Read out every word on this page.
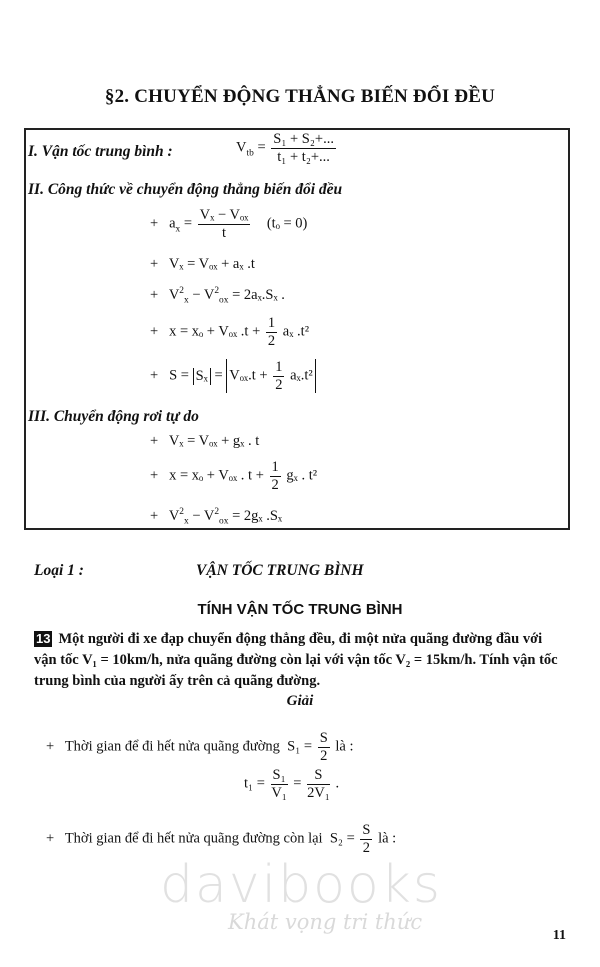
§2. CHUYỂN ĐỘNG THẲNG BIẾN ĐỔI ĐỀU
I. Vận tốc trung bình :	$V_{tb} = \frac{\text{S₁ + S₂+...}}{\text{t₁ + t₂+...}}$
II. Công thức về chuyển động thẳng biến đổi đều
+ $a_x = \frac{\text{Vₓ − Vₒₓ}}{t} (t_o = 0)$
+ Vₓ = Vₒₓ + aₓ .t
+ $V^2_x - V^2_{ox} = 2a_x.S_x$ .
+ x = xₒ + Vₒₓ $.t + \frac{1}{2}$ aₓ .t²
+ $S = S_x = V_{ox}.t + \frac{1}{2} a_x.t^2$
III. Chuyển động rơi tự do
+ Vₓ = Vₒₓ + gₓ . t
+ x = xₒ + Vₒₓ . $t + \frac{1}{2}$ gₓ . t²
+ $V^2_x - V^2_{ox} = 2g_x$ .Sₓ
Loại 1 :	VẬN TỐC TRUNG BÌNH
TÍNH VẬN TỐC TRUNG BÌNH
13 Một người đi xe đạp chuyển động thẳng đều, đi một nửa quãng đường đầu với vận tốc V₁ = 10km/h, nửa quãng đường còn lại với vận tốc V₂ = 15km/h. Tính vận tốc trung bình của người ấy trên cả quãng đường.
Giải
+ Thời gian để đi hết nửa quãng đường $S_1 = \frac{S}{2}$ là :
$t_1 = \frac{\text{S₁}}{\text{V₁}} = \frac{S}{\text{2V₁}}$ .
+ Thời gian để đi hết nửa quãng đường còn lại $S_2 = \frac{S}{2}$ là :
davibooks
Khát vọng tri thức
11
